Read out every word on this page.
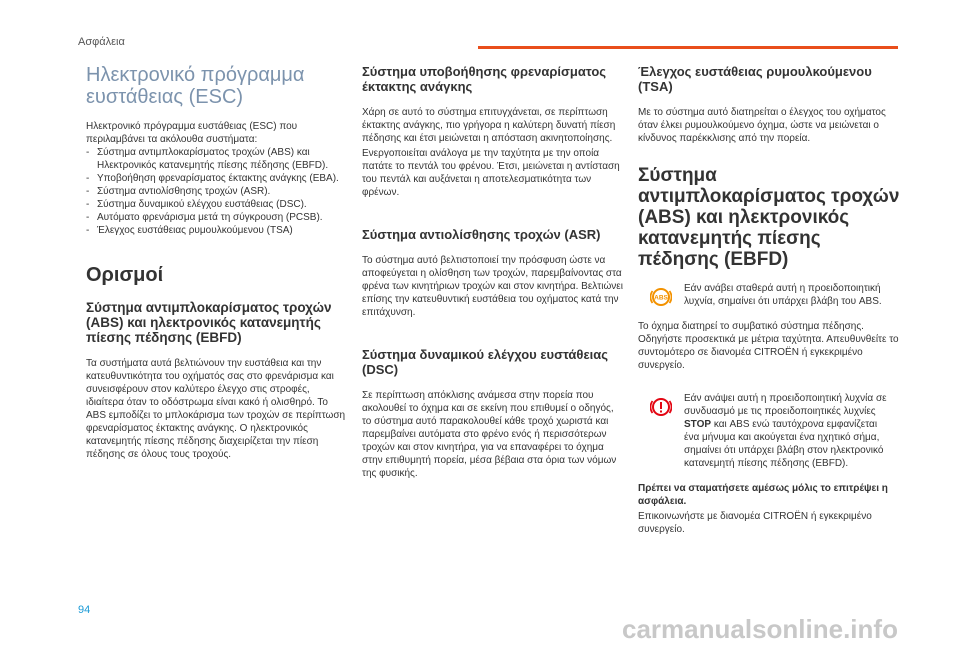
Ασφάλεια
Ηλεκτρονικό πρόγραμμα ευστάθειας (ESC)

Ηλεκτρονικό πρόγραμμα ευστάθειας (ESC) που περιλαμβάνει τα ακόλουθα συστήματα:

- Σύστημα αντιμπλοκαρίσματος τροχών (ABS) και Ηλεκτρονικός κατανεμητής πίεσης πέδησης (EBFD).
- Υποβοήθηση φρεναρίσματος έκτακτης ανάγκης (EBA).
- Σύστημα αντιολίσθησης τροχών (ASR).
- Σύστημα δυναμικού ελέγχου ευστάθειας (DSC).
- Αυτόματο φρενάρισμα μετά τη σύγκρουση (PCSB).
- Έλεγχος ευστάθειας ρυμουλκούμενου (TSA)
Ορισμοί
Σύστημα αντιμπλοκαρίσματος τροχών (ABS) και ηλεκτρονικός κατανεμητής πίεσης πέδησης (EBFD)

Τα συστήματα αυτά βελτιώνουν την ευστάθεια και την κατευθυντικότητα του οχήματός σας στο φρενάρισμα και συνεισφέρουν στον καλύτερο έλεγχο στις στροφές, ιδιαίτερα όταν το οδόστρωμα είναι κακό ή ολισθηρό. Το ABS εμποδίζει το μπλοκάρισμα των τροχών σε περίπτωση φρεναρίσματος έκτακτης ανάγκης. Ο ηλεκτρονικός κατανεμητής πίεσης πέδησης διαχειρίζεται την πίεση πέδησης σε όλους τους τροχούς.

Σύστημα υποβοήθησης φρεναρίσματος έκτακτης ανάγκης

Χάρη σε αυτό το σύστημα επιτυγχάνεται, σε περίπτωση έκτακτης ανάγκης, πιο γρήγορα η καλύτερη δυνατή πίεση πέδησης και έτσι μειώνεται η απόσταση ακινητοποίησης.

Ενεργοποιείται ανάλογα με την ταχύτητα με την οποία πατάτε το πεντάλ του φρένου. Έτσι, μειώνεται η αντίσταση του πεντάλ και αυξάνεται η αποτελεσματικότητα των φρένων.

Σύστημα αντιολίσθησης τροχών (ASR)

Το σύστημα αυτό βελτιστοποιεί την πρόσφυση ώστε να αποφεύγεται η ολίσθηση των τροχών, παρεμβαίνοντας στα φρένα των κινητήριων τροχών και στον κινητήρα. Βελτιώνει επίσης την κατευθυντική ευστάθεια του οχήματος κατά την επιτάχυνση.

Σύστημα δυναμικού ελέγχου ευστάθειας (DSC)

Σε περίπτωση απόκλισης ανάμεσα στην πορεία που ακολουθεί το όχημα και σε εκείνη που επιθυμεί ο οδηγός, το σύστημα αυτό παρακολουθεί κάθε τροχό χωριστά και παρεμβαίνει αυτόματα στο φρένο ενός ή περισσότερων τροχών και στον κινητήρα, για να επαναφέρει το όχημα στην επιθυμητή πορεία, μέσα βέβαια στα όρια των νόμων της φυσικής.

Έλεγχος ευστάθειας ρυμουλκούμενου (TSA)

Με το σύστημα αυτό διατηρείται ο έλεγχος του οχήματος όταν έλκει ρυμουλκούμενο όχημα, ώστε να μειώνεται ο κίνδυνος παρέκκλισης από την πορεία.

Σύστημα αντιμπλοκαρίσματος τροχών (ABS) και ηλεκτρονικός κατανεμητής πίεσης πέδησης (EBFD)
ABS

Εάν ανάβει σταθερά αυτή η προειδοποιητική λυχνία, σημαίνει ότι υπάρχει βλάβη του ABS.

Το όχημα διατηρεί το συμβατικό σύστημα πέδησης. Οδηγήστε προσεκτικά με μέτρια ταχύτητα. Απευθυνθείτε το συντομότερο σε διανομέα CITROËN ή εγκεκριμένο συνεργείο.

Εάν ανάψει αυτή η προειδοποιητική λυχνία σε συνδυασμό με τις προειδοποιητικές λυχνίες STOP και ABS ενώ ταυτόχρονα εμφανίζεται ένα μήνυμα και ακούγεται ένα ηχητικό σήμα, σημαίνει ότι υπάρχει βλάβη στον ηλεκτρονικό κατανεμητή πίεσης πέδησης (EBFD).

Πρέπει να σταματήσετε αμέσως μόλις το επιτρέψει η ασφάλεια.

Επικοινωνήστε με διανομέα CITROËN ή εγκεκριμένο συνεργείο.

94
carmanualsonline.info
